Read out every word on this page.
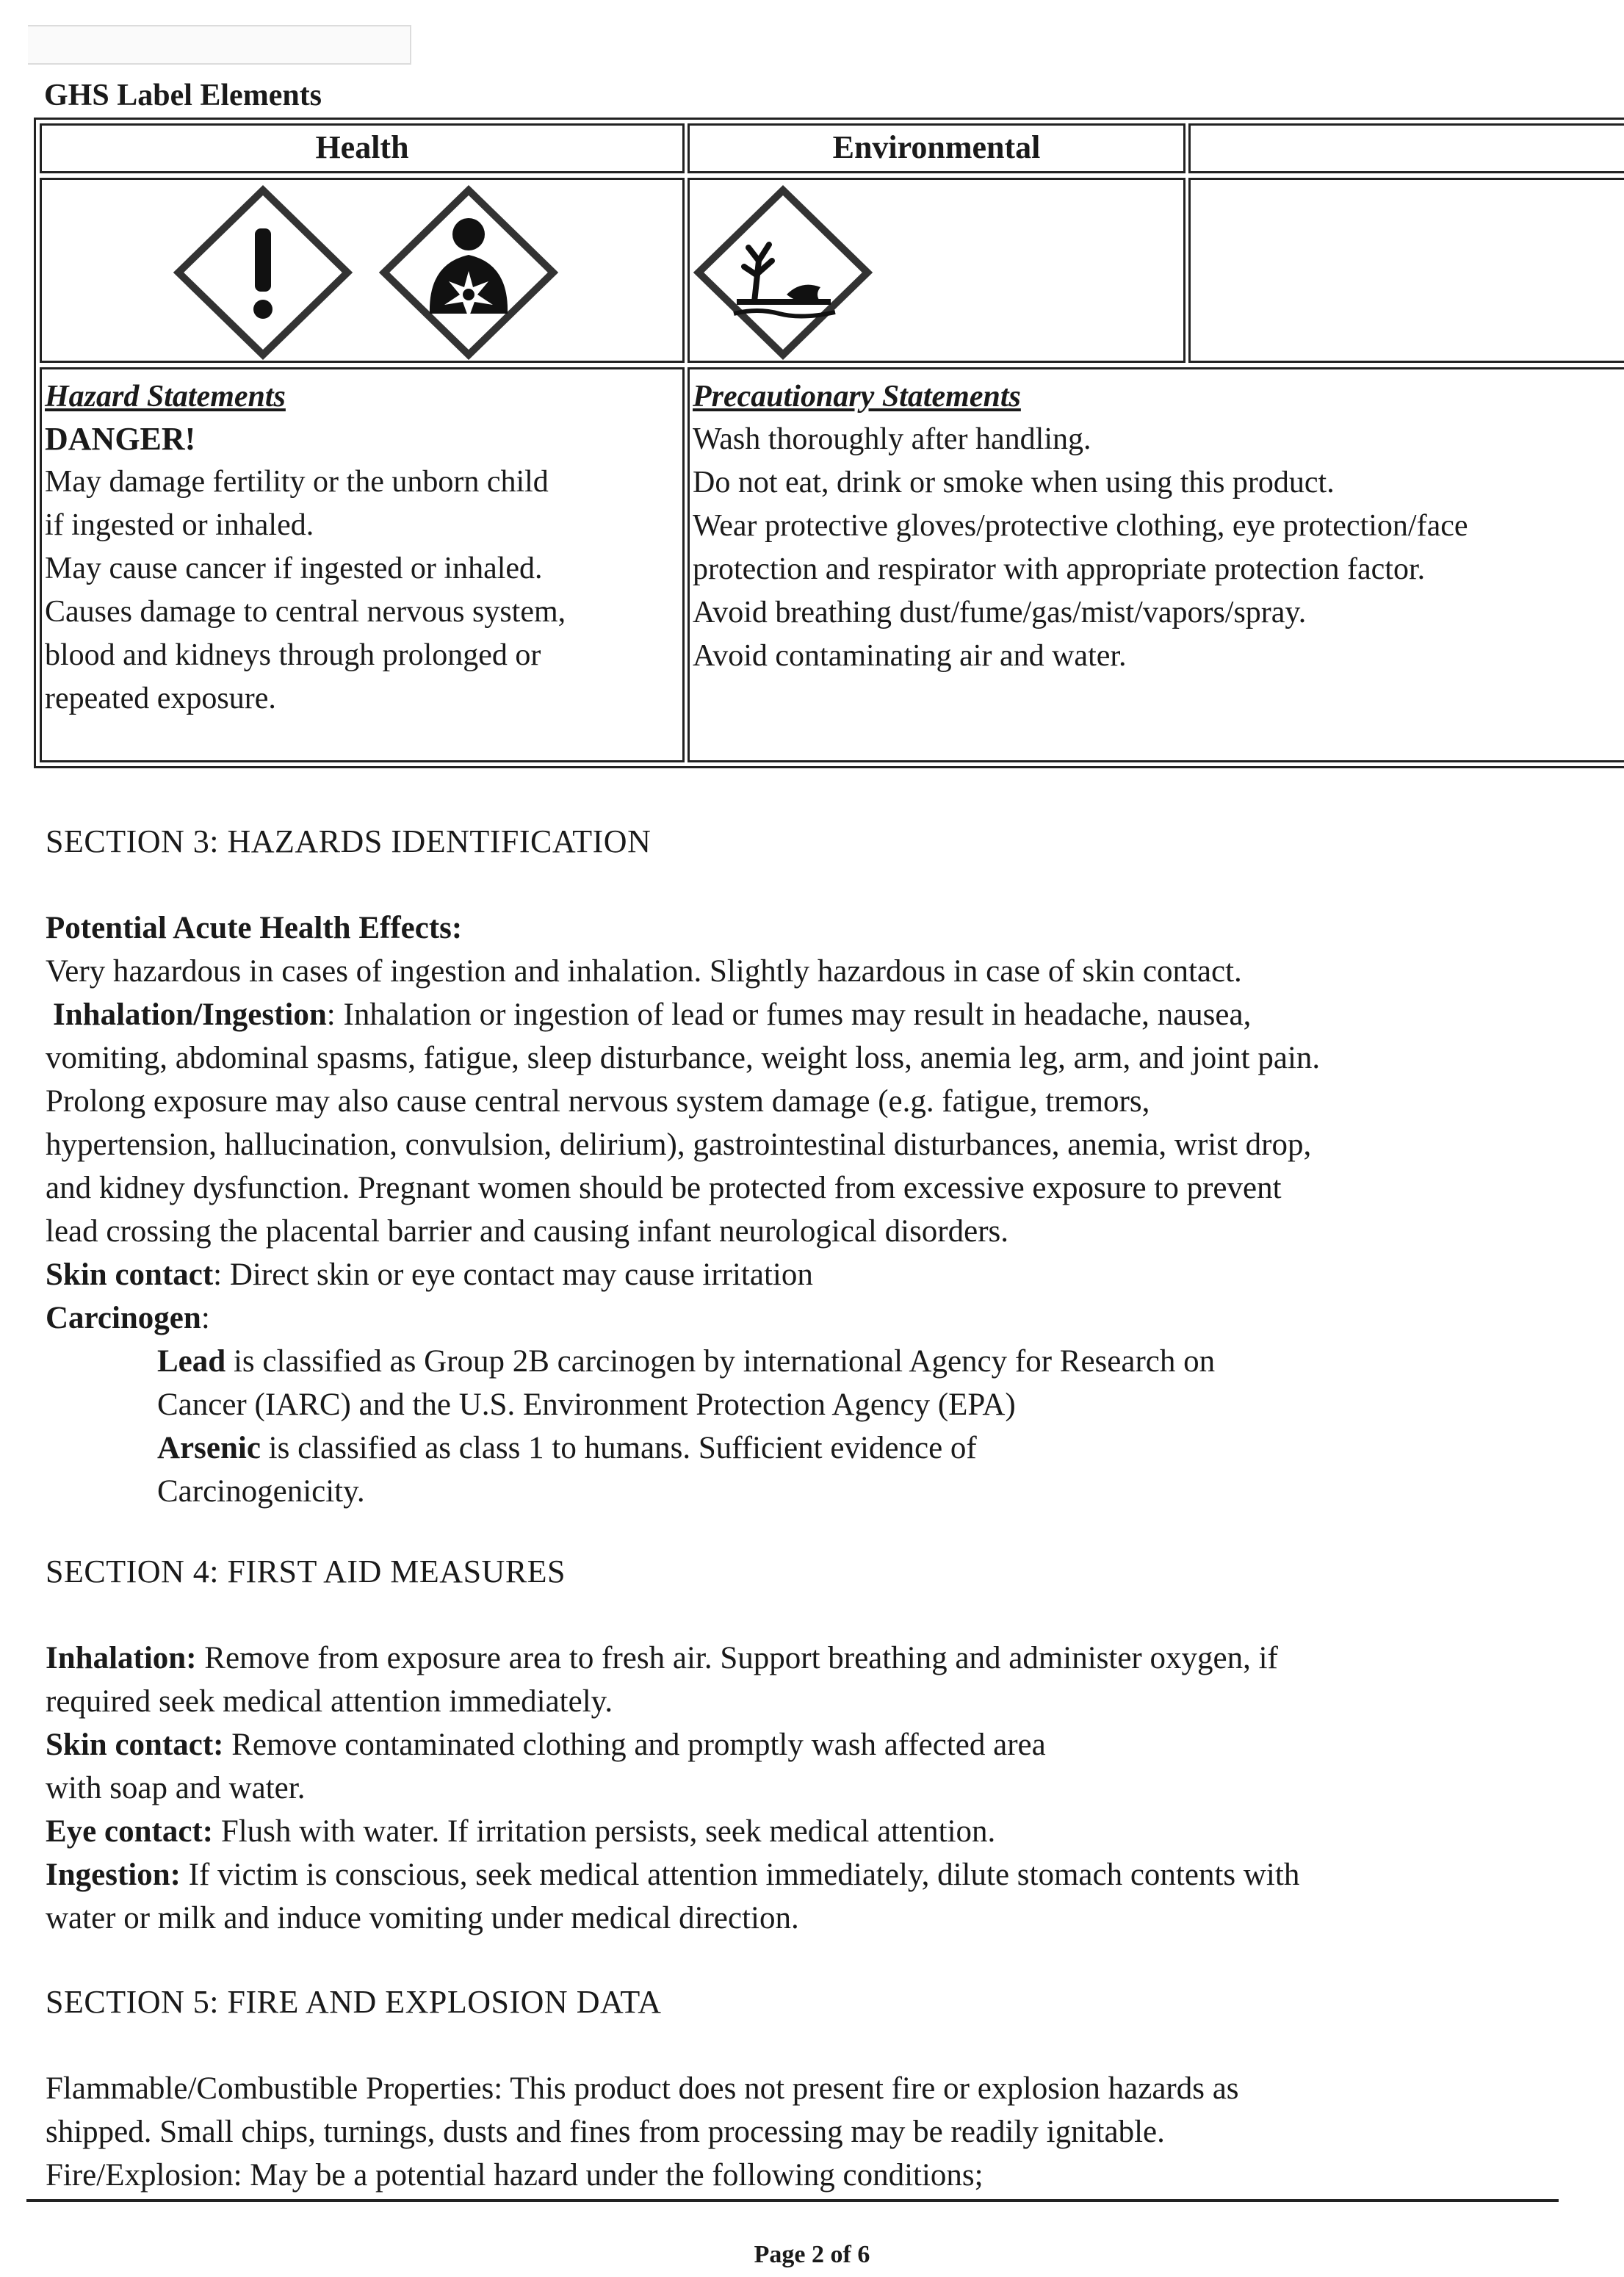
GHS Label Elements
Health	Environmental
Hazard Statements
DANGER!
May damage fertility or the unborn child
if ingested or inhaled.
May cause cancer if ingested or inhaled.
Causes damage to central nervous system,
blood and kidneys through prolonged or
repeated exposure.
Precautionary Statements
Wash thoroughly after handling.
Do not eat, drink or smoke when using this product.
Wear protective gloves/protective clothing, eye protection/face
protection and respirator with appropriate protection factor.
Avoid breathing dust/fume/gas/mist/vapors/spray.
Avoid contaminating air and water.
SECTION 3: HAZARDS IDENTIFICATION
Potential Acute Health Effects:
Very hazardous in cases of ingestion and inhalation. Slightly hazardous in case of skin contact.
Inhalation/Ingestion: Inhalation or ingestion of lead or fumes may result in headache, nausea,
vomiting, abdominal spasms, fatigue, sleep disturbance, weight loss, anemia leg, arm, and joint pain.
Prolong exposure may also cause central nervous system damage (e.g. fatigue, tremors,
hypertension, hallucination, convulsion, delirium), gastrointestinal disturbances, anemia, wrist drop,
and kidney dysfunction. Pregnant women should be protected from excessive exposure to prevent
lead crossing the placental barrier and causing infant neurological disorders.
Skin contact: Direct skin or eye contact may cause irritation
Carcinogen:
Lead is classified as Group 2B carcinogen by international Agency for Research on
Cancer (IARC) and the U.S. Environment Protection Agency (EPA)
Arsenic is classified as class 1 to humans. Sufficient evidence of
Carcinogenicity.
SECTION 4: FIRST AID MEASURES
Inhalation: Remove from exposure area to fresh air. Support breathing and administer oxygen, if
required seek medical attention immediately.
Skin contact: Remove contaminated clothing and promptly wash affected area
with soap and water.
Eye contact: Flush with water. If irritation persists, seek medical attention.
Ingestion: If victim is conscious, seek medical attention immediately, dilute stomach contents with
water or milk and induce vomiting under medical direction.
SECTION 5: FIRE AND EXPLOSION DATA
Flammable/Combustible Properties: This product does not present fire or explosion hazards as
shipped. Small chips, turnings, dusts and fines from processing may be readily ignitable.
Fire/Explosion: May be a potential hazard under the following conditions;
Page 2 of 6
